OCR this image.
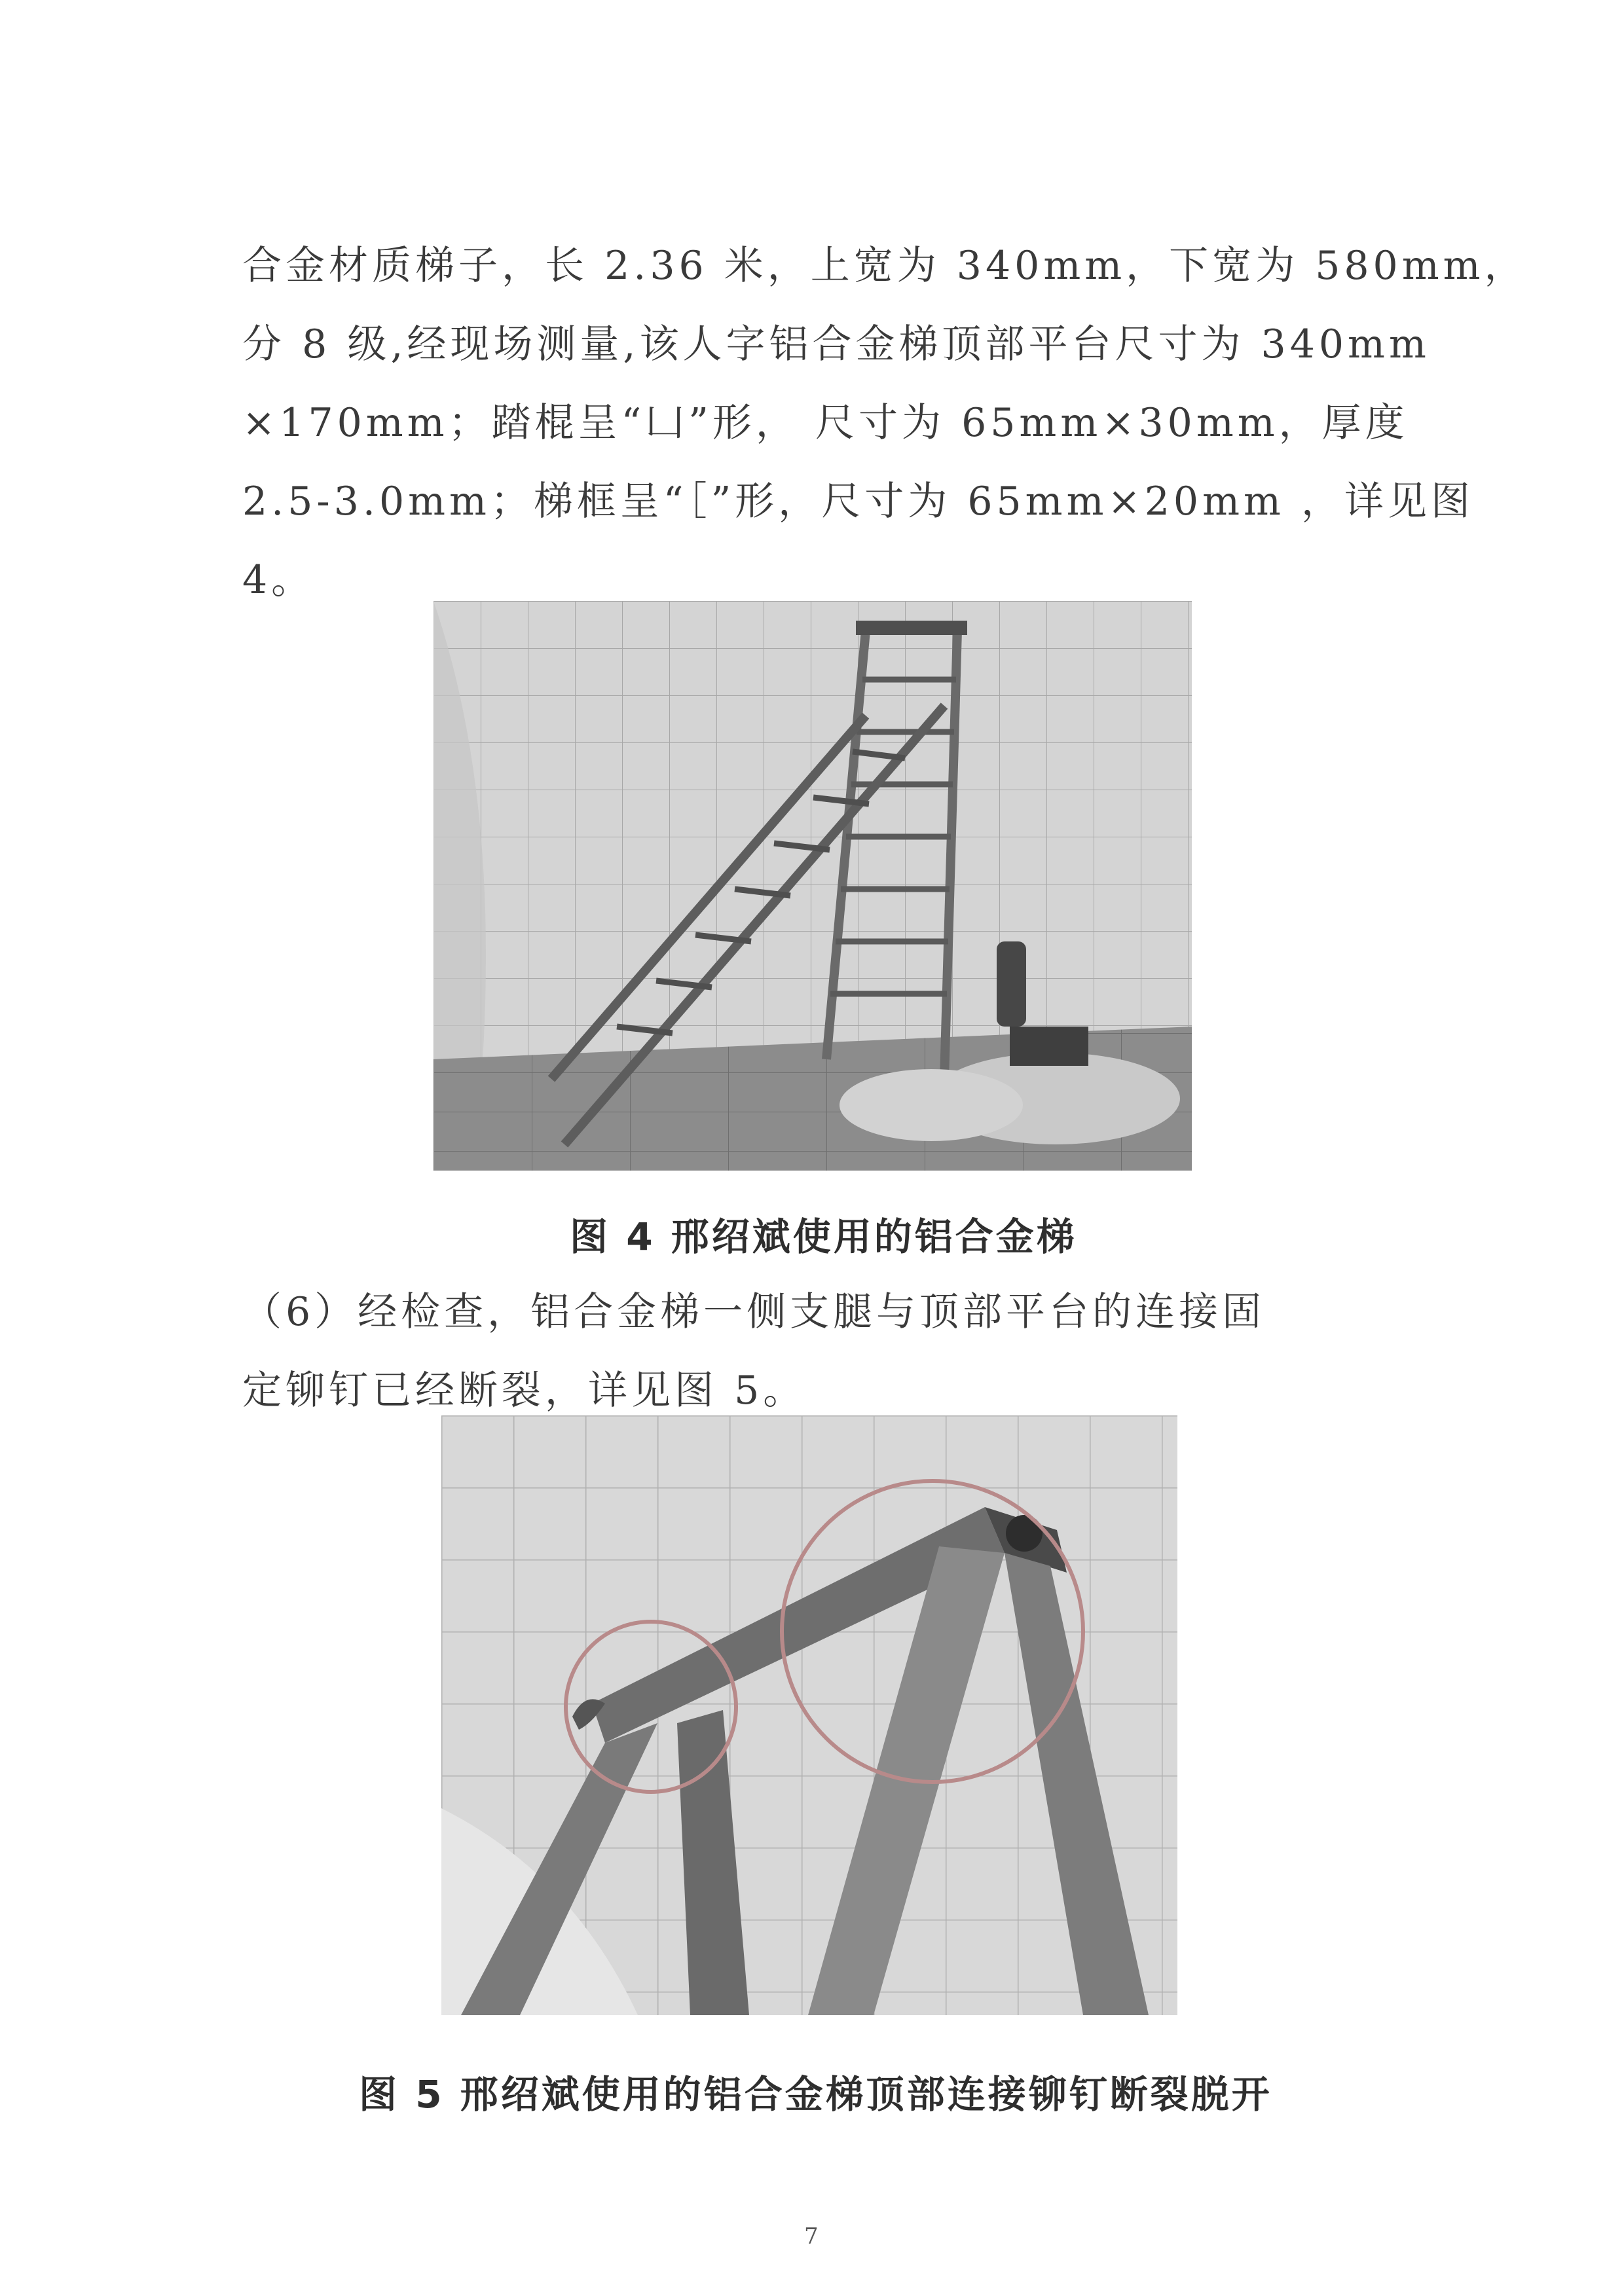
合金材质梯子，长 2.36 米，上宽为 340mm，下宽为 580mm，
分 8 级,经现场测量,该人字铝合金梯顶部平台尺寸为 340mm
×170mm；踏棍呈“凵”形， 尺寸为 65mm×30mm，厚度
2.5-3.0mm；梯框呈“［”形，尺寸为 65mm×20mm ，详见图
4。

图 4 邢绍斌使用的铝合金梯

（6）经检查，铝合金梯一侧支腿与顶部平台的连接固
定铆钉已经断裂，详见图 5。

图 5 邢绍斌使用的铝合金梯顶部连接铆钉断裂脱开

7
